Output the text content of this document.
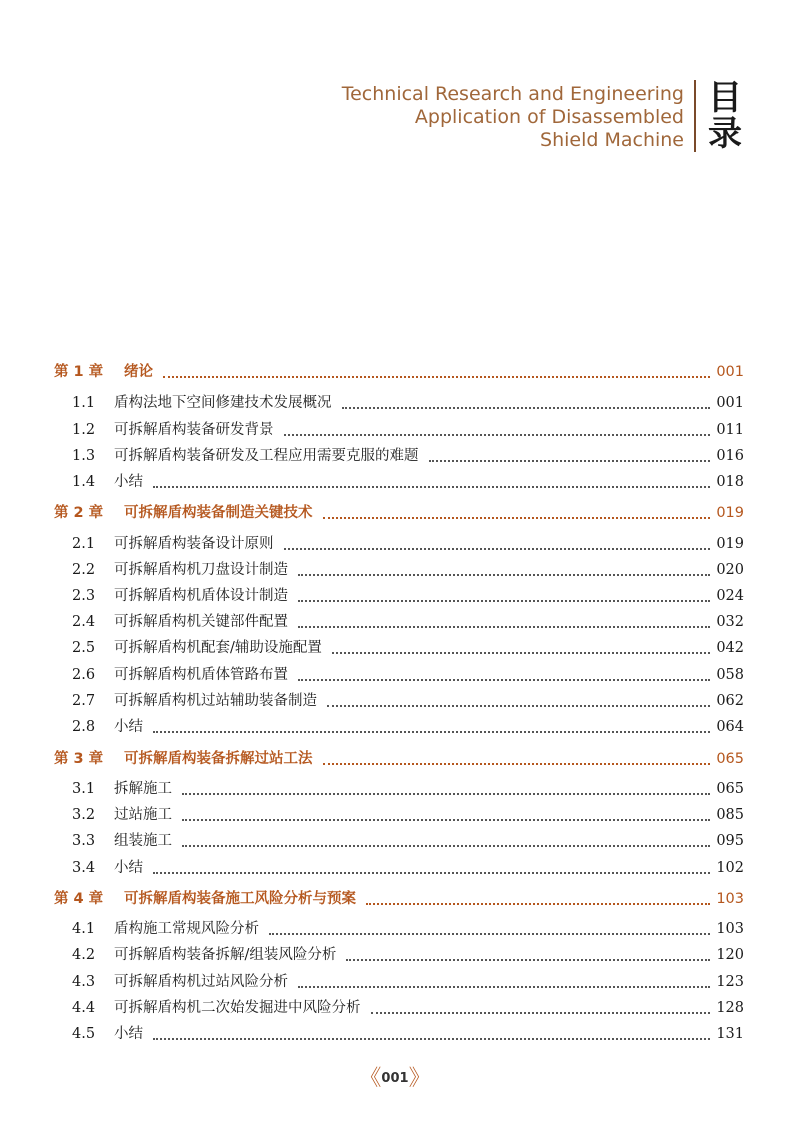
Technical Research and Engineering
Application of Disassembled
Shield Machine
目
录
第 1 章 绪论	001
1.1 盾构法地下空间修建技术发展概况	001
1.2 可拆解盾构装备研发背景	011
1.3 可拆解盾构装备研发及工程应用需要克服的难题	016
1.4 小结	018
第 2 章 可拆解盾构装备制造关键技术	019
2.1 可拆解盾构装备设计原则	019
2.2 可拆解盾构机刀盘设计制造	020
2.3 可拆解盾构机盾体设计制造	024
2.4 可拆解盾构机关键部件配置	032
2.5 可拆解盾构机配套/辅助设施配置	042
2.6 可拆解盾构机盾体管路布置	058
2.7 可拆解盾构机过站辅助装备制造	062
2.8 小结	064
第 3 章 可拆解盾构装备拆解过站工法	065
3.1 拆解施工	065
3.2 过站施工	085
3.3 组装施工	095
3.4 小结	102
第 4 章 可拆解盾构装备施工风险分析与预案	103
4.1 盾构施工常规风险分析	103
4.2 可拆解盾构装备拆解/组装风险分析	120
4.3 可拆解盾构机过站风险分析	123
4.4 可拆解盾构机二次始发掘进中风险分析	128
4.5 小结	131
《001》
